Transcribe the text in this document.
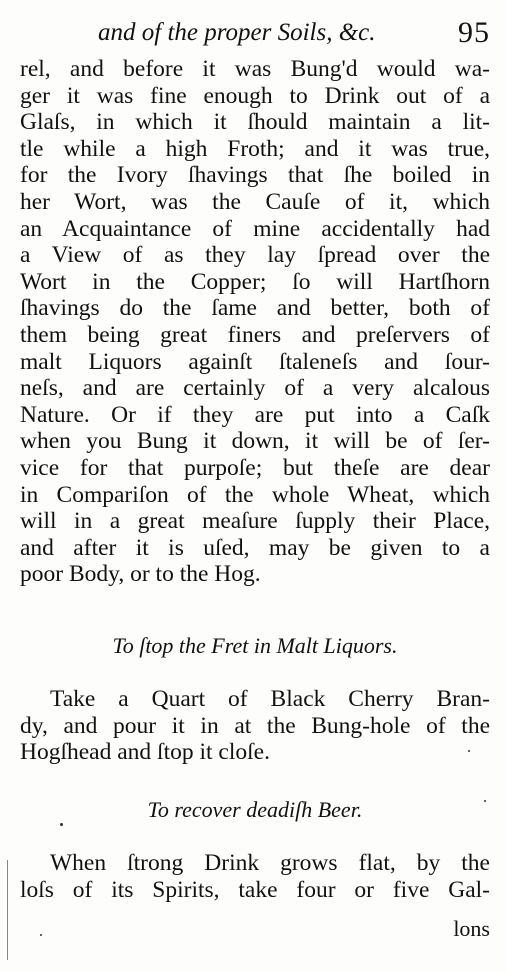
and of the proper Soils, &c.	95
rel, and before it was Bung'd would wa-
ger it was fine enough to Drink out of a
Glaſs, in which it ſhould maintain a lit-
tle while a high Froth; and it was true,
for the Ivory ſhavings that ſhe boiled in
her Wort, was the Cauſe of it, which
an Acquaintance of mine accidentally had
a View of as they lay ſpread over the
Wort in the Copper; ſo will Hartſhorn
ſhavings do the ſame and better, both of
them being great finers and preſervers of
malt Liquors againſt ſtaleneſs and ſour-
neſs, and are certainly of a very alcalous
Nature. Or if they are put into a Caſk
when you Bung it down, it will be of ſer-
vice for that purpoſe; but theſe are dear
in Compariſon of the whole Wheat, which
will in a great meaſure ſupply their Place,
and after it is uſed, may be given to a
poor Body, or to the Hog.
To ſtop the Fret in Malt Liquors.
Take a Quart of Black Cherry Bran-
dy, and pour it in at the Bung-hole of the
Hogſhead and ſtop it cloſe.
To recover deadiſh Beer.
When ſtrong Drink grows flat, by the
loſs of its Spirits, take four or five Gal-
lons
